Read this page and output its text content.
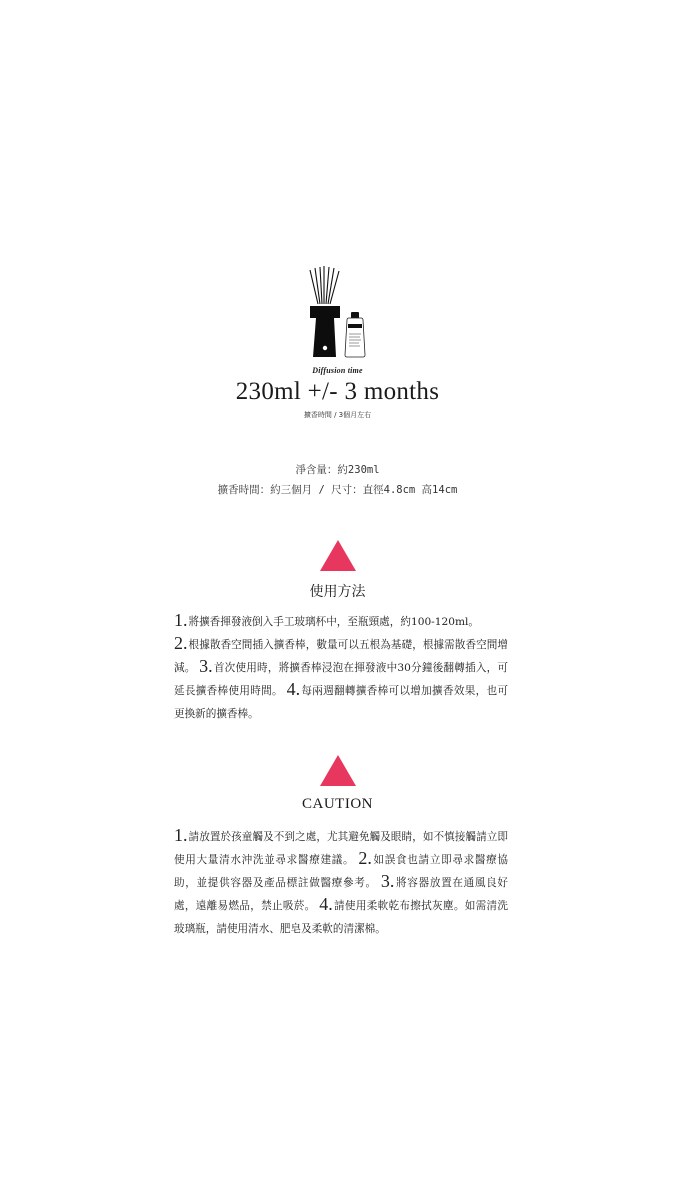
Diffusion time
230ml +/- 3 months
擴香時間 / 3個月左右
淨含量：約230ml
擴香時間：約三個月 / 尺寸：直徑4.8cm 高14cm
使用方法
1.將擴香揮發液倒入手工玻璃杯中，至瓶頸處，約100-120ml。
2.根據散香空間插入擴香棒，數量可以五根為基礎，根據需散香空間增減。 3.首次使用時，將擴香棒浸泡在揮發液中30分鐘後翻轉插入，可延長擴香棒使用時間。 4.每兩週翻轉擴香棒可以增加擴香效果，也可更換新的擴香棒。
CAUTION
1.請放置於孩童觸及不到之處，尤其避免觸及眼睛，如不慎接觸請立即使用大量清水沖洗並尋求醫療建議。 2.如誤食也請立即尋求醫療協助，並提供容器及產品標註做醫療參考。 3.將容器放置在通風良好處，遠離易燃品，禁止吸菸。 4.請使用柔軟乾布擦拭灰塵。如需清洗玻璃瓶，請使用清水、肥皂及柔軟的清潔棉。
